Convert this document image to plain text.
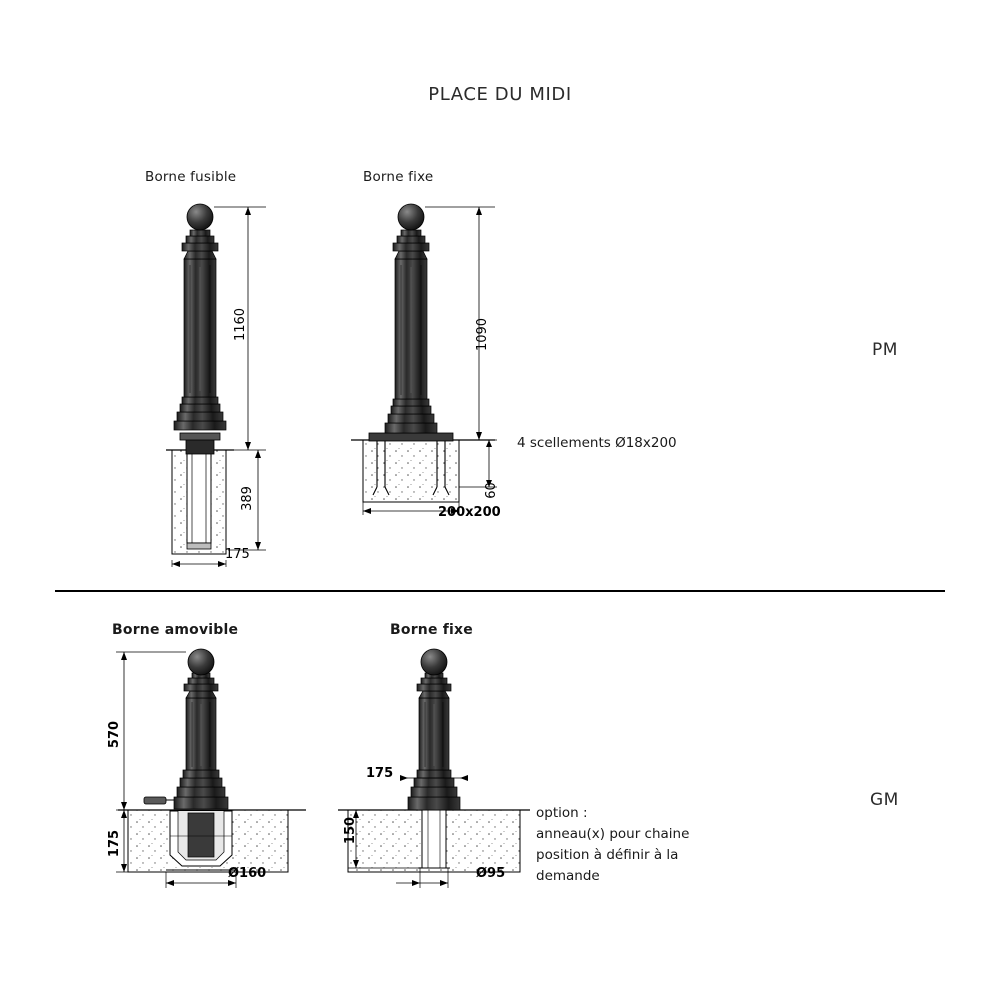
PLACE DU MIDI
Borne fusible	Borne fixe
1160
389
175
1090
60
200x200
4 scellements Ø18x200
PM
Borne amovible	Borne fixe
570
175
Ø160
175
150
Ø95
option :
anneau(x) pour chaine
position à définir à la
demande
GM
